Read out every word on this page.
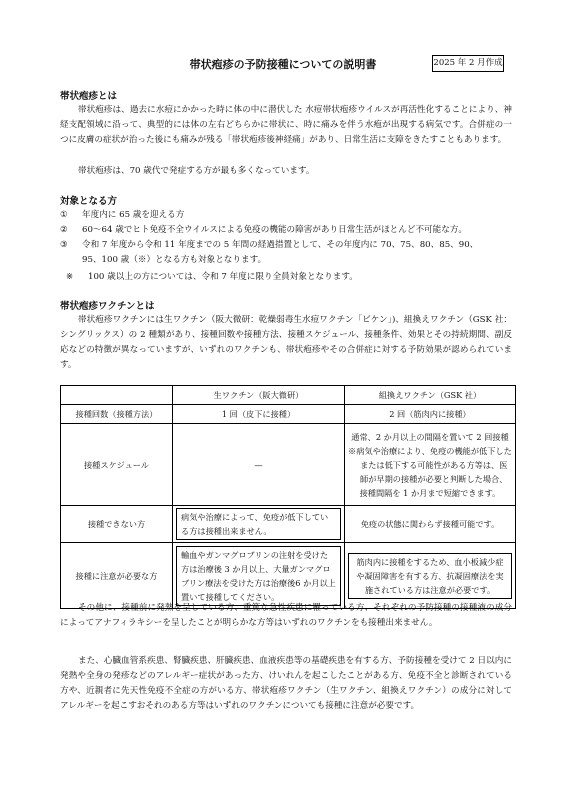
帯状疱疹の予防接種についての説明書	2025 年 2 月作成
帯状疱疹とは

帯状疱疹は、過去に水痘にかかった時に体の中に潜伏した 水痘帯状疱疹ウイルスが再活性化することにより、神経支配領域に沿って、典型的には体の左右どちらかに帯状に、時に痛みを伴う水疱が出現する病気です。合併症の一つに皮膚の症状が治った後にも痛みが残る「帯状疱疹後神経痛」があり、日常生活に支障をきたすこともあります。

帯状疱疹は、70 歳代で発症する方が最も多くなっています。

対象となる方
① 年度内に 65 歳を迎える方
② 60～64 歳でヒト免疫不全ウイルスによる免疫の機能の障害があり日常生活がほとんど不可能な方。
③ 令和 7 年度から令和 11 年度までの 5 年間の経過措置として、その年度内に 70、75、80、85、90、
95、100 歳（※）となる方も対象となります。
※ 100 歳以上の方については、令和 7 年度に限り全員対象となります。
帯状疱疹ワクチンとは

帯状疱疹ワクチンには生ワクチン（阪大微研：乾燥弱毒生水痘ワクチン「ビケン」)、組換えワクチン（GSK 社：シングリックス）の 2 種類があり、接種回数や接種方法、接種スケジュール、接種条件、効果とその持続期間、副反応などの特徴が異なっていますが、いずれのワクチンも、帯状疱疹やその合併症に対する予防効果が認められています。

	生ワクチン（阪大微研）	組換えワクチン（GSK 社）
接種回数（接種方法）	1 回（皮下に接種）	2 回（筋肉内に接種）
接種スケジュール	—	通常、2 か月以上の間隔を置いて 2 回接種
※病気や治療により、免疫の機能が低下したまたは低下する可能性がある方等は、医師が早期の接種が必要と判断した場合、
接種間隔を 1 か月まで短縮できます。

接種できない方	病気や治療によって、免疫が低下している方は接種出来ません。	免疫の状態に関わらず接種可能です。
接種に注意が必要な方	輸血やガンマグロブリンの注射を受けた方は治療後 3 か月以上、大量ガンマグロブリン療法を受けた方は治療後6 か月以上置いて接種してください。	筋肉内に接種をするため、血小板減少症や凝固障害を有する方、抗凝固療法を実施されている方は注意が必要です。

その他に、接種前に発熱を呈している方、重篤な急性疾患に罹っている方、それぞれの予防接種の接種液の成分によってアナフィラキシーを呈したことが明らかな方等はいずれのワクチンをも接種出来ません。

また、心臓血管系疾患、腎臓疾患、肝臓疾患、血液疾患等の基礎疾患を有する方、予防接種を受けて 2 日以内に発熱や全身の発疹などのアレルギー症状があった方、けいれんを起こしたことがある方、免疫不全と診断されている方や、近親者に先天性免疫不全症の方がいる方、帯状疱疹ワクチン（生ワクチン、組換えワクチン）の成分に対してアレルギーを起こすおそれのある方等はいずれのワクチンについても接種に注意が必要です。
